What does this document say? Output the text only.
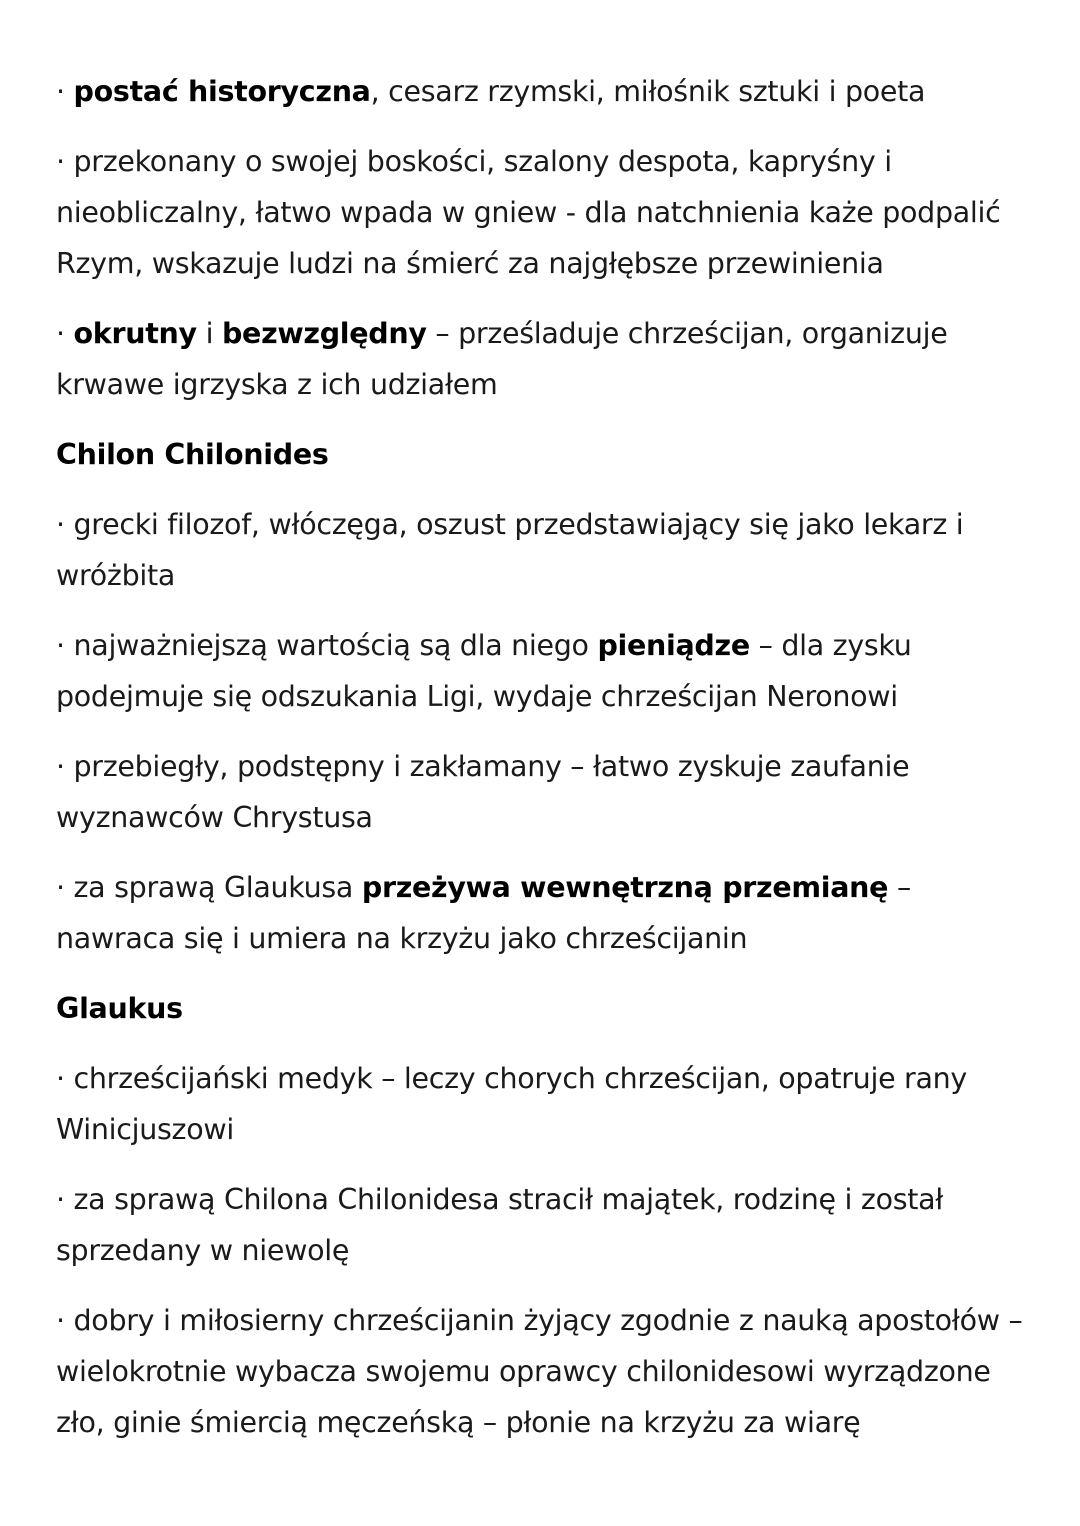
· postać historyczna, cesarz rzymski, miłośnik sztuki i poeta
· przekonany o swojej boskości, szalony despota, kapryśny i nieobliczalny, łatwo wpada w gniew - dla natchnienia każe podpalić Rzym, wskazuje ludzi na śmierć za najgłębsze przewinienia
· okrutny i bezwzględny – prześladuje chrześcijan, organizuje krwawe igrzyska z ich udziałem
Chilon Chilonides
· grecki filozof, włóczęga, oszust przedstawiający się jako lekarz i wróżbita
· najważniejszą wartością są dla niego pieniądze – dla zysku podejmuje się odszukania Ligi, wydaje chrześcijan Neronowi
· przebiegły, podstępny i zakłamany – łatwo zyskuje zaufanie wyznawców Chrystusa
· za sprawą Glaukusa przeżywa wewnętrzną przemianę – nawraca się i umiera na krzyżu jako chrześcijanin
Glaukus
· chrześcijański medyk – leczy chorych chrześcijan, opatruje rany Winicjuszowi
· za sprawą Chilona Chilonidesa stracił majątek, rodzinę i został sprzedany w niewolę
· dobry i miłosierny chrześcijanin żyjący zgodnie z nauką apostołów – wielokrotnie wybacza swojemu oprawcy chilonidesowi wyrządzone zło, ginie śmiercią męczeńską – płonie na krzyżu za wiarę
